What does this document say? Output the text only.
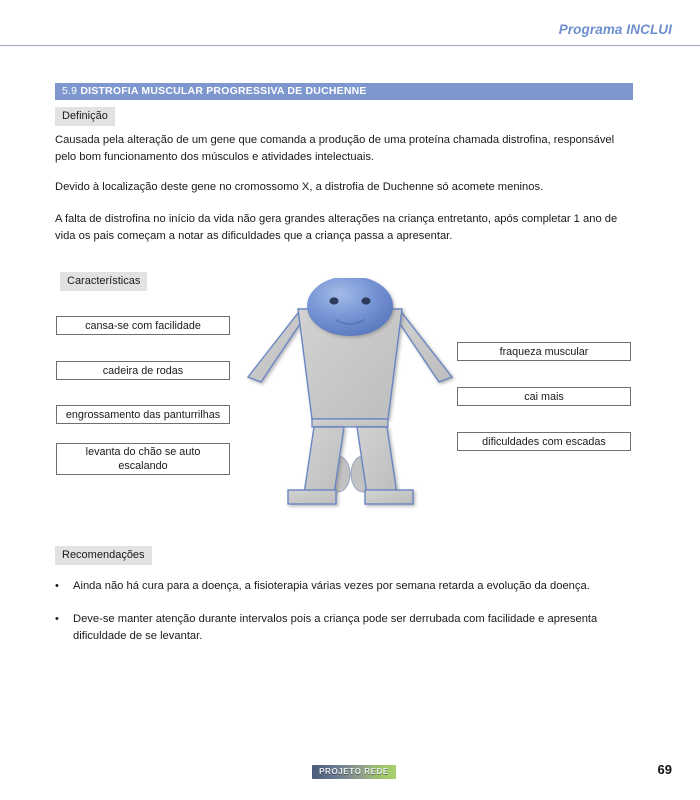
Programa INCLUI
5.9 DISTROFIA MUSCULAR PROGRESSIVA DE DUCHENNE
Definição
Causada pela alteração de um gene que comanda a produção de uma proteína chamada distrofina, responsável pelo bom funcionamento dos músculos e atividades intelectuais.
Devido à localização deste gene no cromossomo X, a distrofia de Duchenne só acomete meninos.
A falta de distrofina no início da vida não gera grandes alterações na criança entretanto, após completar 1 ano de vida os pais começam a notar as dificuldades que a criança passa a apresentar.
Características
cansa-se com facilidade
cadeira de rodas
engrossamento das panturrilhas
levanta do chão se auto escalando
fraqueza muscular
cai mais
dificuldades com escadas
Recomendações
•	Ainda não há cura para a doença, a fisioterapia várias vezes por semana retarda a evolução da doença.
•	Deve-se manter atenção durante intervalos pois a criança pode ser derrubada com facilidade e apresenta dificuldade de se levantar.
PROJETO REDE	69
